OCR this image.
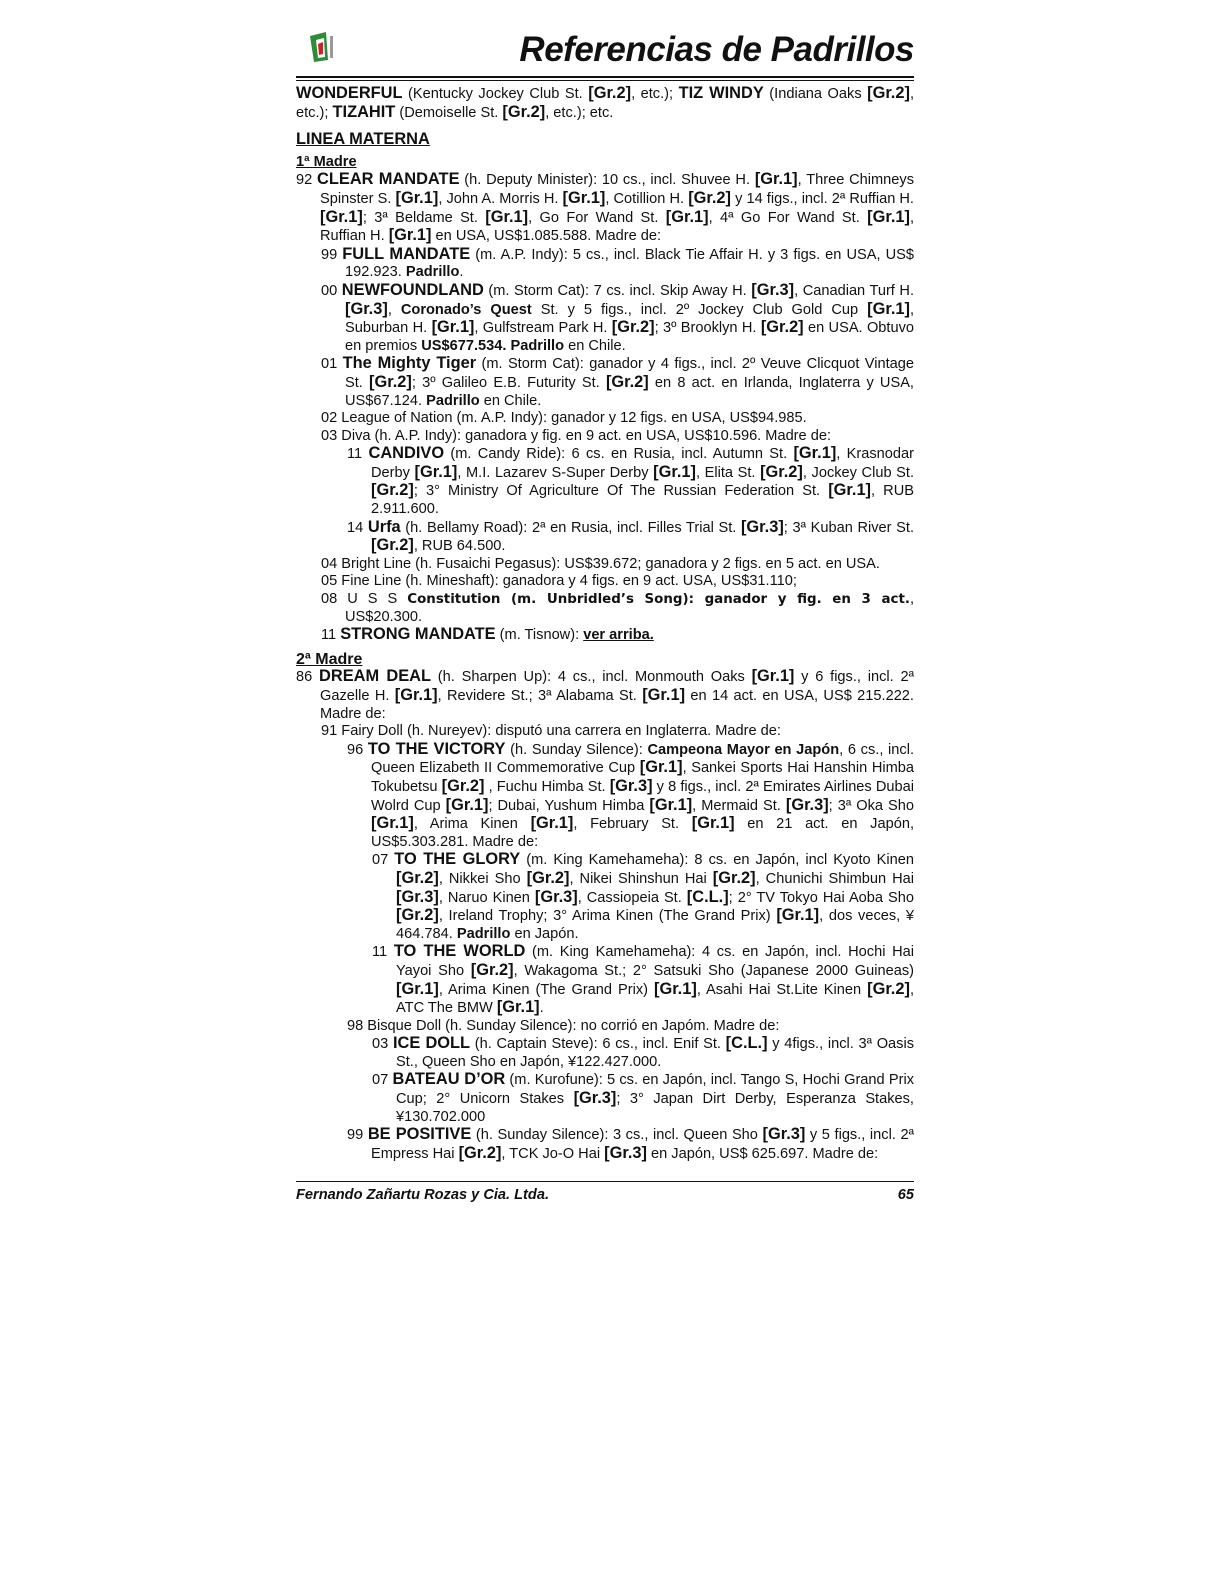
Referencias de Padrillos

WONDERFUL (Kentucky Jockey Club St. [Gr.2], etc.); TIZ WINDY (Indiana Oaks [Gr.2], etc.); TIZAHIT (Demoiselle St. [Gr.2], etc.); etc.

LINEA MATERNA

1ª Madre

92 CLEAR MANDATE (h. Deputy Minister): 10 cs., incl. Shuvee H. [Gr.1], Three Chimneys Spinster S. [Gr.1], John A. Morris H. [Gr.1], Cotillion H. [Gr.2] y 14 figs., incl. 2ª Ruffian H. [Gr.1]; 3ª Beldame St. [Gr.1], Go For Wand St. [Gr.1], 4ª Go For Wand St. [Gr.1], Ruffian H. [Gr.1] en USA, US$1.085.588. Madre de:

99 FULL MANDATE (m. A.P. Indy): 5 cs., incl. Black Tie Affair H. y 3 figs. en USA, US$ 192.923. Padrillo.

00 NEWFOUNDLAND (m. Storm Cat): 7 cs. incl. Skip Away H. [Gr.3], Canadian Turf H. [Gr.3], Coronado’s Quest St. y 5 figs., incl. 2º Jockey Club Gold Cup [Gr.1], Suburban H. [Gr.1], Gulfstream Park H. [Gr.2]; 3º Brooklyn H. [Gr.2] en USA. Obtuvo en premios US$677.534. Padrillo en Chile.

01 The Mighty Tiger (m. Storm Cat): ganador y 4 figs., incl. 2º Veuve Clicquot Vintage St. [Gr.2]; 3º Galileo E.B. Futurity St. [Gr.2] en 8 act. en Irlanda, Inglaterra y USA, US$67.124. Padrillo en Chile.

02 League of Nation (m. A.P. Indy): ganador y 12 figs. en USA, US$94.985.

03 Diva (h. A.P. Indy): ganadora y fig. en 9 act. en USA, US$10.596. Madre de:

11 CANDIVO (m. Candy Ride): 6 cs. en Rusia, incl. Autumn St. [Gr.1], Krasnodar Derby [Gr.1], M.I. Lazarev S-Super Derby [Gr.1], Elita St. [Gr.2], Jockey Club St. [Gr.2]; 3° Ministry Of Agriculture Of The Russian Federation St. [Gr.1], RUB 2.911.600.

14 Urfa (h. Bellamy Road): 2ª en Rusia, incl. Filles Trial St. [Gr.3]; 3ª Kuban River St. [Gr.2], RUB 64.500.

04 Bright Line (h. Fusaichi Pegasus): US$39.672; ganadora y 2 figs. en 5 act. en USA.

05 Fine Line (h. Mineshaft): ganadora y 4 figs. en 9 act. USA, US$31.110;

08 U S S Constitution (m. Unbridled’s Song): ganador y fig. en 3 act., US$20.300.

11 STRONG MANDATE (m. Tisnow): ver arriba.

2ª Madre

86 DREAM DEAL (h. Sharpen Up): 4 cs., incl. Monmouth Oaks [Gr.1] y 6 figs., incl. 2ª Gazelle H. [Gr.1], Revidere St.; 3ª Alabama St. [Gr.1] en 14 act. en USA, US$ 215.222. Madre de:

91 Fairy Doll (h. Nureyev): disputó una carrera en Inglaterra. Madre de:

96 TO THE VICTORY (h. Sunday Silence): Campeona Mayor en Japón, 6 cs., incl. Queen Elizabeth II Commemorative Cup [Gr.1], Sankei Sports Hai Hanshin Himba Tokubetsu [Gr.2] , Fuchu Himba St. [Gr.3] y 8 figs., incl. 2ª Emirates Airlines Dubai Wolrd Cup [Gr.1]; Dubai, Yushum Himba [Gr.1], Mermaid St. [Gr.3]; 3ª Oka Sho [Gr.1], Arima Kinen [Gr.1], February St. [Gr.1] en 21 act. en Japón, US$5.303.281. Madre de:

07 TO THE GLORY (m. King Kamehameha): 8 cs. en Japón, incl Kyoto Kinen [Gr.2], Nikkei Sho [Gr.2], Nikei Shinshun Hai [Gr.2], Chunichi Shimbun Hai [Gr.3], Naruo Kinen [Gr.3], Cassiopeia St. [C.L.]; 2° TV Tokyo Hai Aoba Sho [Gr.2], Ireland Trophy; 3° Arima Kinen (The Grand Prix) [Gr.1], dos veces, ¥ 464.784. Padrillo en Japón.

11 TO THE WORLD (m. King Kamehameha): 4 cs. en Japón, incl. Hochi Hai Yayoi Sho [Gr.2], Wakagoma St.; 2° Satsuki Sho (Japanese 2000 Guineas) [Gr.1], Arima Kinen (The Grand Prix) [Gr.1], Asahi Hai St.Lite Kinen [Gr.2], ATC The BMW [Gr.1].

98 Bisque Doll (h. Sunday Silence): no corrió en Japóm. Madre de:

03 ICE DOLL (h. Captain Steve): 6 cs., incl. Enif St. [C.L.] y 4figs., incl. 3ª Oasis St., Queen Sho en Japón, ¥122.427.000.

07 BATEAU D’OR (m. Kurofune): 5 cs. en Japón, incl. Tango S, Hochi Grand Prix Cup; 2° Unicorn Stakes [Gr.3]; 3° Japan Dirt Derby, Esperanza Stakes, ¥130.702.000

99 BE POSITIVE (h. Sunday Silence): 3 cs., incl. Queen Sho [Gr.3] y 5 figs., incl. 2ª Empress Hai [Gr.2], TCK Jo-O Hai [Gr.3] en Japón, US$ 625.697. Madre de:

Fernando Zañartu Rozas y Cia. Ltda.	65
